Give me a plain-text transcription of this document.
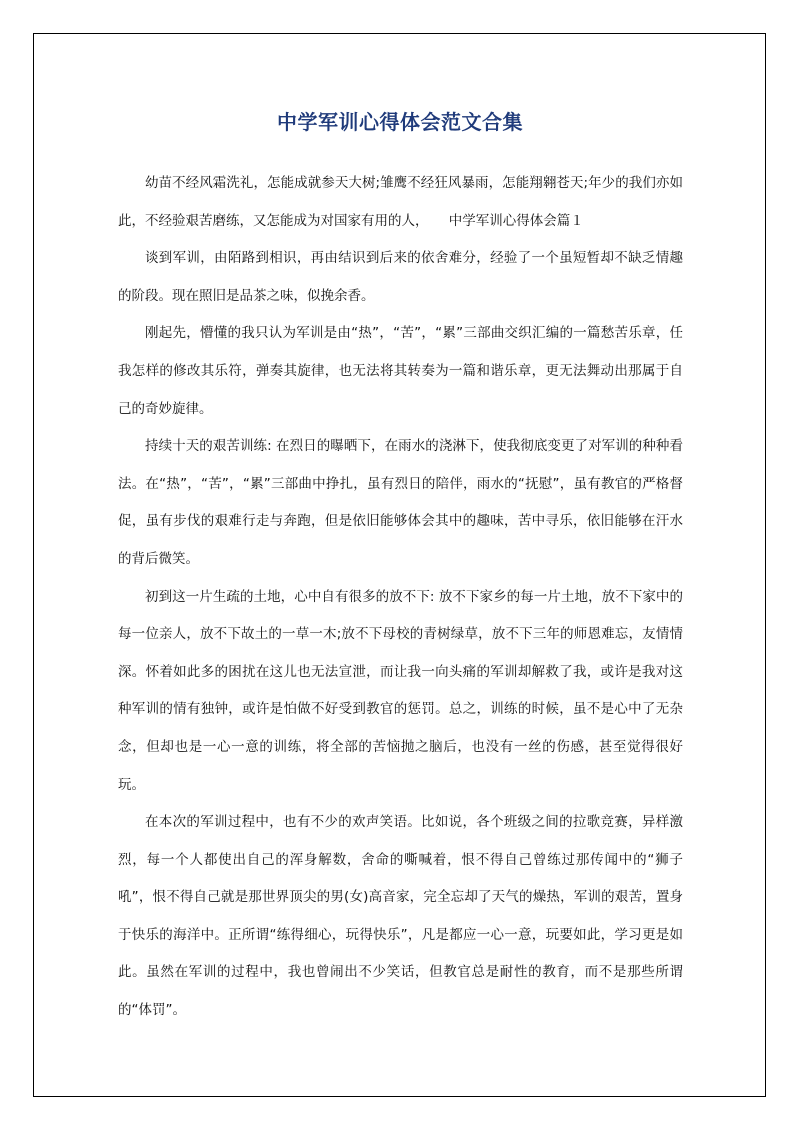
中学军训心得体会范文合集

幼苗不经风霜洗礼，怎能成就参天大树;雏鹰不经狂风暴雨，怎能翔翱苍天;年少的我们亦如此，不经验艰苦磨练，又怎能成为对国家有用的人，　　中学军训心得体会篇１

谈到军训，由陌路到相识，再由结识到后来的依舍难分，经验了一个虽短暂却不缺乏情趣的阶段。现在照旧是品茶之味，似挽余香。

刚起先，懵懂的我只认为军训是由“热”，“苦”，“累”三部曲交织汇编的一篇愁苦乐章，任我怎样的修改其乐符，弹奏其旋律，也无法将其转奏为一篇和谐乐章，更无法舞动出那属于自己的奇妙旋律。

持续十天的艰苦训练: 在烈日的曝晒下，在雨水的浇淋下，使我彻底变更了对军训的种种看法。在“热”，“苦”，“累”三部曲中挣扎，虽有烈日的陪伴，雨水的“抚慰”，虽有教官的严格督促，虽有步伐的艰难行走与奔跑，但是依旧能够体会其中的趣味，苦中寻乐，依旧能够在汗水的背后微笑。

初到这一片生疏的土地，心中自有很多的放不下: 放不下家乡的每一片土地，放不下家中的每一位亲人，放不下故土的一草一木;放不下母校的青树绿草，放不下三年的师恩难忘，友情情深。怀着如此多的困扰在这儿也无法宣泄，而让我一向头痛的军训却解救了我，或许是我对这种军训的情有独钟，或许是怕做不好受到教官的惩罚。总之，训练的时候，虽不是心中了无杂念，但却也是一心一意的训练，将全部的苦恼抛之脑后，也没有一丝的伤感，甚至觉得很好玩。

在本次的军训过程中，也有不少的欢声笑语。比如说，各个班级之间的拉歌竞赛，异样激烈，每一个人都使出自己的浑身解数，舍命的嘶喊着，恨不得自己曾练过那传闻中的“狮子吼”，恨不得自己就是那世界顶尖的男(女)高音家，完全忘却了天气的燥热，军训的艰苦，置身于快乐的海洋中。正所谓“练得细心，玩得快乐”，凡是都应一心一意，玩要如此，学习更是如此。虽然在军训的过程中，我也曾闹出不少笑话，但教官总是耐性的教育，而不是那些所谓的“体罚”。
